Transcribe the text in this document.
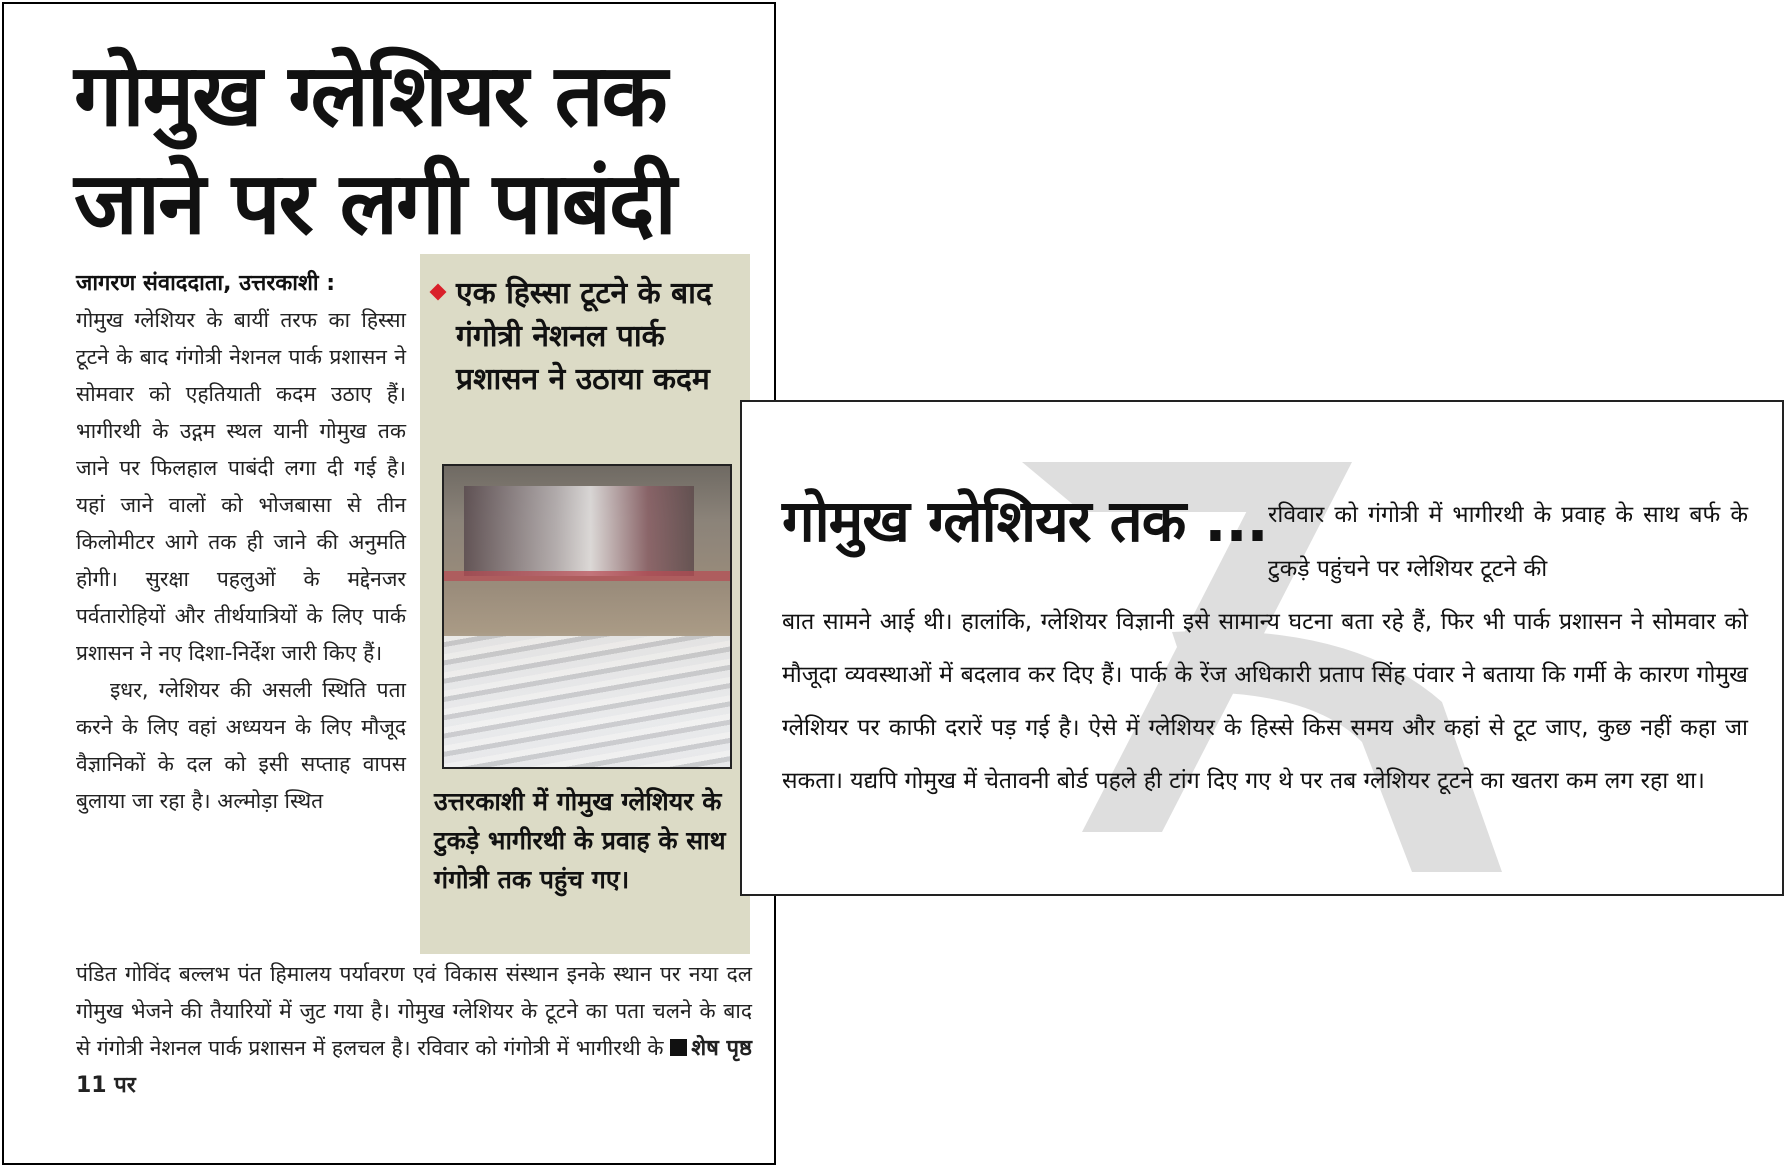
गोमुख ग्लेशियर तक जाने पर लगी पाबंदी
जागरण संवाददाता, उत्तरकाशी :

गोमुख ग्लेशियर के बायीं तरफ का हिस्सा टूटने के बाद गंगोत्री नेशनल पार्क प्रशासन ने सोमवार को एहतियाती कदम उठाए हैं। भागीरथी के उद्गम स्थल यानी गोमुख तक जाने पर फिलहाल पाबंदी लगा दी गई है। यहां जाने वालों को भोजबासा से तीन किलोमीटर आगे तक ही जाने की अनुमति होगी। सुरक्षा पहलुओं के मद्देनजर पर्वतारोहियों और तीर्थयात्रियों के लिए पार्क प्रशासन ने नए दिशा-निर्देश जारी किए हैं।

इधर, ग्लेशियर की असली स्थिति पता करने के लिए वहां अध्ययन के लिए मौजूद वैज्ञानिकों के दल को इसी सप्ताह वापस बुलाया जा रहा है। अल्मोड़ा स्थित

एक हिस्सा टूटने के बाद गंगोत्री नेशनल पार्क प्रशासन ने उठाया कदम
उत्तरकाशी में गोमुख ग्लेशियर के टुकड़े भागीरथी के प्रवाह के साथ गंगोत्री तक पहुंच गए।
पंडित गोविंद बल्लभ पंत हिमालय पर्यावरण एवं विकास संस्थान इनके स्थान पर नया दल गोमुख भेजने की तैयारियों में जुट गया है। गोमुख ग्लेशियर के टूटने का पता चलने के बाद से गंगोत्री नेशनल पार्क प्रशासन में हलचल है। रविवार को गंगोत्री में भागीरथी के शेष पृष्ठ 11 पर
गोमुख ग्लेशियर तक ... रविवार को गंगोत्री में भागीरथी के प्रवाह के साथ बर्फ के टुकड़े पहुंचने पर ग्लेशियर टूटने की
बात सामने आई थी। हालांकि, ग्लेशियर विज्ञानी इसे सामान्य घटना बता रहे हैं, फिर भी पार्क प्रशासन ने सोमवार को मौजूदा व्यवस्थाओं में बदलाव कर दिए हैं। पार्क के रेंज अधिकारी प्रताप सिंह पंवार ने बताया कि गर्मी के कारण गोमुख ग्लेशियर पर काफी दरारें पड़ गई है। ऐसे में ग्लेशियर के हिस्से किस समय और कहां से टूट जाए, कुछ नहीं कहा जा सकता। यद्यपि गोमुख में चेतावनी बोर्ड पहले ही टांग दिए गए थे पर तब ग्लेशियर टूटने का खतरा कम लग रहा था।
